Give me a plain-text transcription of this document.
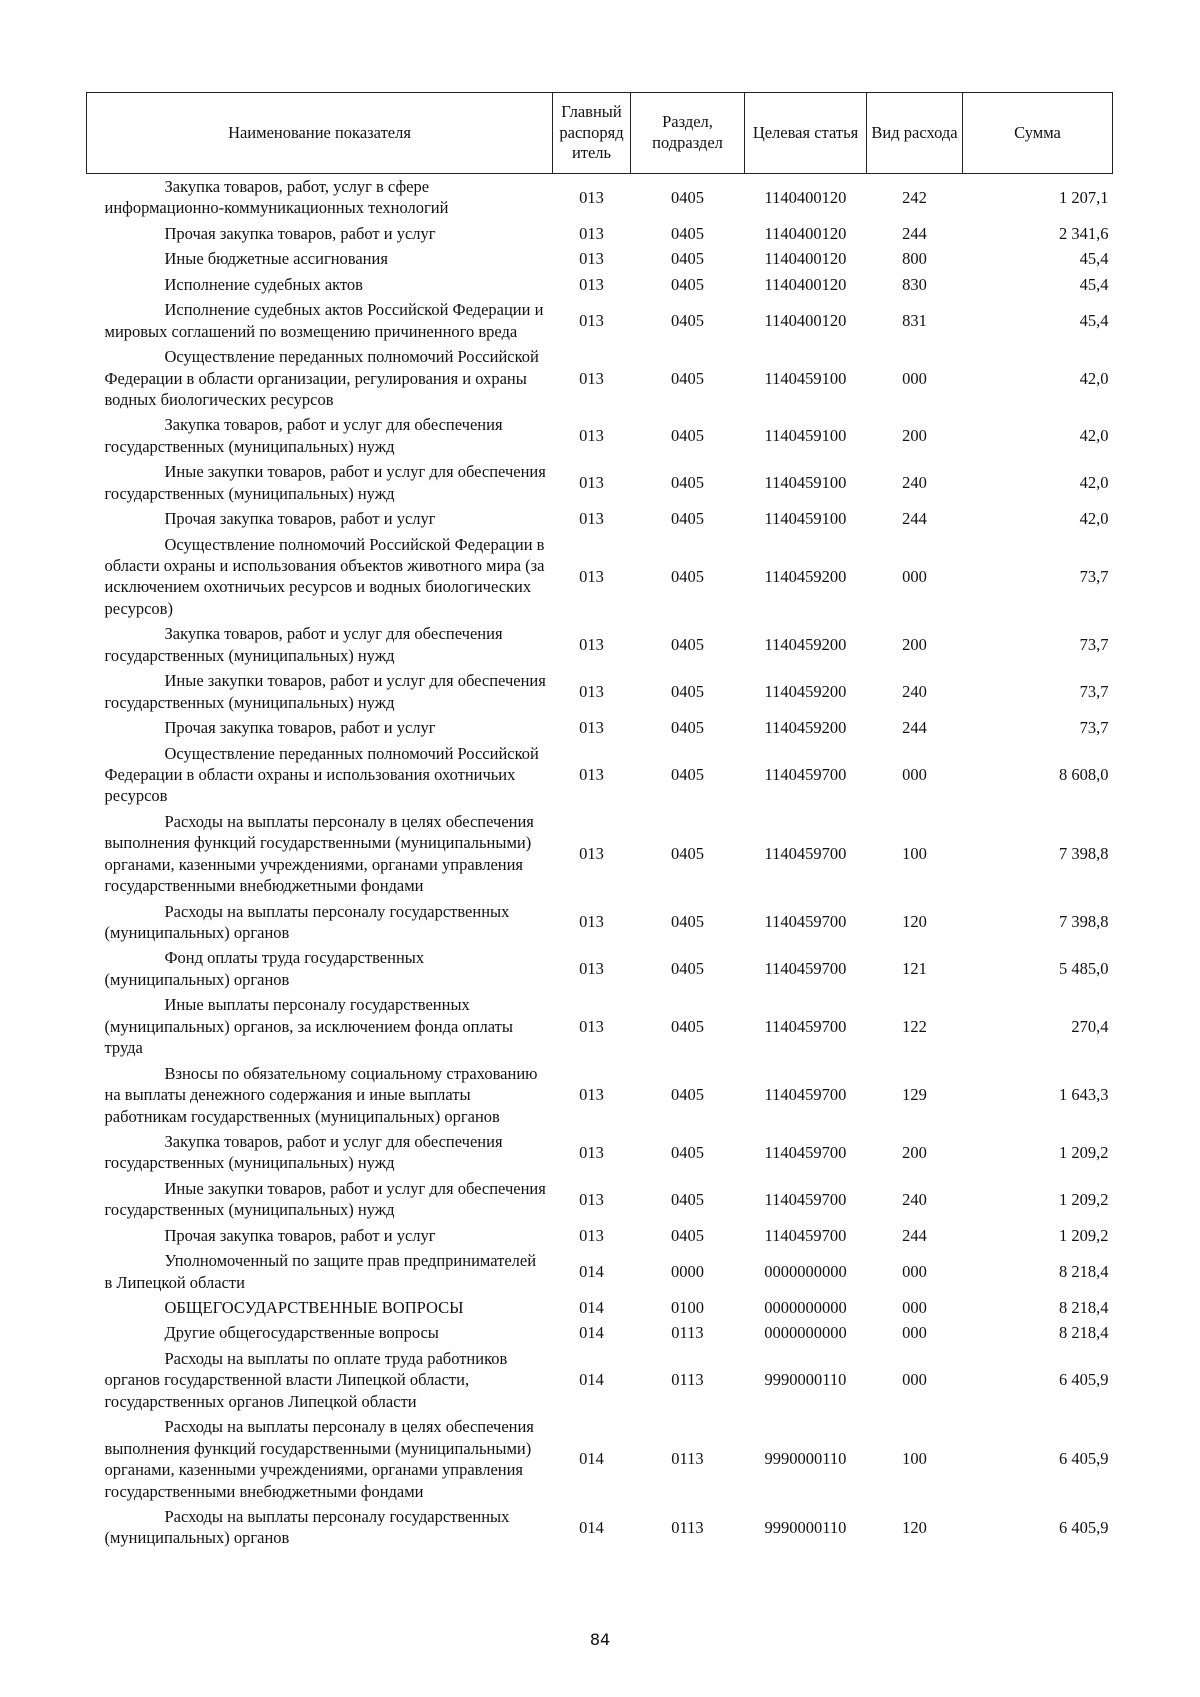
Наименование показателя	Главный распоряд итель	Раздел, подраздел	Целевая статья	Вид расхода	Сумма
Закупка товаров, работ, услуг в сфере информационно-коммуникационных технологий	013	0405	1140400120	242	1 207,1
Прочая закупка товаров, работ и услуг	013	0405	1140400120	244	2 341,6
Иные бюджетные ассигнования	013	0405	1140400120	800	45,4
Исполнение судебных актов	013	0405	1140400120	830	45,4
Исполнение судебных актов Российской Федерации и мировых соглашений по возмещению причиненного вреда	013	0405	1140400120	831	45,4
Осуществление переданных полномочий Российской Федерации в области организации, регулирования и охраны водных биологических ресурсов	013	0405	1140459100	000	42,0
Закупка товаров, работ и услуг для обеспечения государственных (муниципальных) нужд	013	0405	1140459100	200	42,0
Иные закупки товаров, работ и услуг для обеспечения государственных (муниципальных) нужд	013	0405	1140459100	240	42,0
Прочая закупка товаров, работ и услуг	013	0405	1140459100	244	42,0
Осуществление полномочий Российской Федерации в области охраны и использования объектов животного мира (за исключением охотничьих ресурсов и водных биологических ресурсов)	013	0405	1140459200	000	73,7
Закупка товаров, работ и услуг для обеспечения государственных (муниципальных) нужд	013	0405	1140459200	200	73,7
Иные закупки товаров, работ и услуг для обеспечения государственных (муниципальных) нужд	013	0405	1140459200	240	73,7
Прочая закупка товаров, работ и услуг	013	0405	1140459200	244	73,7
Осуществление переданных полномочий Российской Федерации в области охраны и использования охотничьих ресурсов	013	0405	1140459700	000	8 608,0
Расходы на выплаты персоналу в целях обеспечения выполнения функций государственными (муниципальными) органами, казенными учреждениями, органами управления государственными внебюджетными фондами	013	0405	1140459700	100	7 398,8
Расходы на выплаты персоналу государственных (муниципальных) органов	013	0405	1140459700	120	7 398,8
Фонд оплаты труда государственных (муниципальных) органов	013	0405	1140459700	121	5 485,0
Иные выплаты персоналу государственных (муниципальных) органов, за исключением фонда оплаты труда	013	0405	1140459700	122	270,4
Взносы по обязательному социальному страхованию на выплаты денежного содержания и иные выплаты работникам государственных (муниципальных) органов	013	0405	1140459700	129	1 643,3
Закупка товаров, работ и услуг для обеспечения государственных (муниципальных) нужд	013	0405	1140459700	200	1 209,2
Иные закупки товаров, работ и услуг для обеспечения государственных (муниципальных) нужд	013	0405	1140459700	240	1 209,2
Прочая закупка товаров, работ и услуг	013	0405	1140459700	244	1 209,2
Уполномоченный по защите прав предпринимателей в Липецкой области	014	0000	0000000000	000	8 218,4
ОБЩЕГОСУДАРСТВЕННЫЕ ВОПРОСЫ	014	0100	0000000000	000	8 218,4
Другие общегосударственные вопросы	014	0113	0000000000	000	8 218,4
Расходы на выплаты по оплате труда работников органов государственной власти Липецкой области, государственных органов Липецкой области	014	0113	9990000110	000	6 405,9
Расходы на выплаты персоналу в целях обеспечения выполнения функций государственными (муниципальными) органами, казенными учреждениями, органами управления государственными внебюджетными фондами	014	0113	9990000110	100	6 405,9
Расходы на выплаты персоналу государственных (муниципальных) органов	014	0113	9990000110	120	6 405,9
84
